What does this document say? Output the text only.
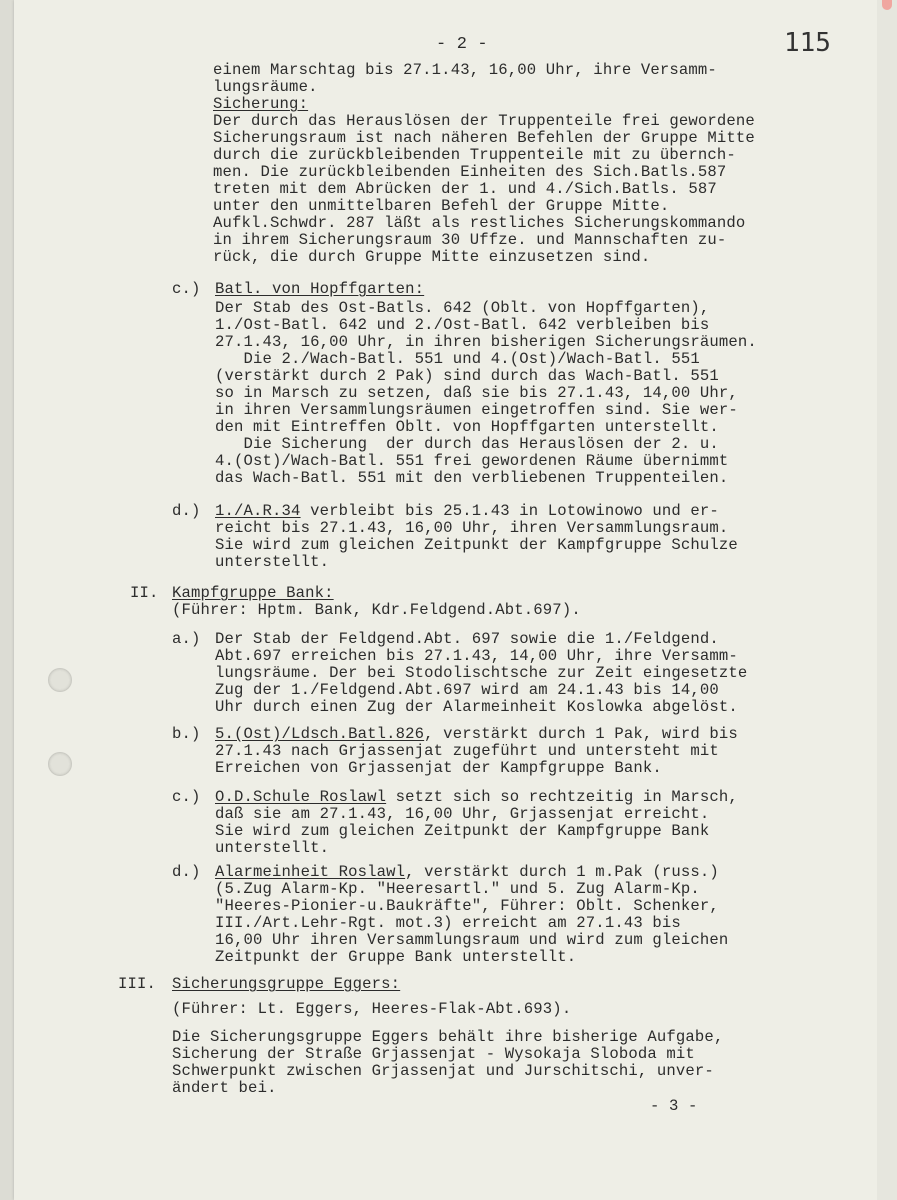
- 2 -	115
einem Marschtag bis 27.1.43, 16,00 Uhr, ihre Versamm-
lungsräume.
Sicherung:
Der durch das Herauslösen der Truppenteile frei gewordene
Sicherungsraum ist nach näheren Befehlen der Gruppe Mitte
durch die zurückbleibenden Truppenteile mit zu übernch-
men. Die zurückbleibenden Einheiten des Sich.Batls.587
treten mit dem Abrücken der 1. und 4./Sich.Batls. 587
unter den unmittelbaren Befehl der Gruppe Mitte.
Aufkl.Schwdr. 287 läßt als restliches Sicherungskommando
in ihrem Sicherungsraum 30 Uffze. und Mannschaften zu-
rück, die durch Gruppe Mitte einzusetzen sind.
c.) Batl. von Hopffgarten:
Der Stab des Ost-Batls. 642 (Oblt. von Hopffgarten),
1./Ost-Batl. 642 und 2./Ost-Batl. 642 verbleiben bis
27.1.43, 16,00 Uhr, in ihren bisherigen Sicherungsräumen.
Die 2./Wach-Batl. 551 und 4.(Ost)/Wach-Batl. 551
(verstärkt durch 2 Pak) sind durch das Wach-Batl. 551
so in Marsch zu setzen, daß sie bis 27.1.43, 14,00 Uhr,
in ihren Versammlungsräumen eingetroffen sind. Sie wer-
den mit Eintreffen Oblt. von Hopffgarten unterstellt.
Die Sicherung  der durch das Herauslösen der 2. u.
4.(Ost)/Wach-Batl. 551 frei gewordenen Räume übernimmt
das Wach-Batl. 551 mit den verbliebenen Truppenteilen.
d.) 1./A.R.34 verbleibt bis 25.1.43 in Lotowinowo und er-
reicht bis 27.1.43, 16,00 Uhr, ihren Versammlungsraum.
Sie wird zum gleichen Zeitpunkt der Kampfgruppe Schulze
unterstellt.
II. Kampfgruppe Bank:
(Führer: Hptm. Bank, Kdr.Feldgend.Abt.697).
a.) Der Stab der Feldgend.Abt. 697 sowie die 1./Feldgend.
Abt.697 erreichen bis 27.1.43, 14,00 Uhr, ihre Versamm-
lungsräume. Der bei Stodolischtsche zur Zeit eingesetzte
Zug der 1./Feldgend.Abt.697 wird am 24.1.43 bis 14,00
Uhr durch einen Zug der Alarmeinheit Koslowka abgelöst.
b.) 5.(Ost)/Ldsch.Batl.826, verstärkt durch 1 Pak, wird bis
27.1.43 nach Grjassenjat zugeführt und untersteht mit
Erreichen von Grjassenjat der Kampfgruppe Bank.
c.) O.D.Schule Roslawl setzt sich so rechtzeitig in Marsch,
daß sie am 27.1.43, 16,00 Uhr, Grjassenjat erreicht.
Sie wird zum gleichen Zeitpunkt der Kampfgruppe Bank
unterstellt.
d.) Alarmeinheit Roslawl, verstärkt durch 1 m.Pak (russ.)
(5.Zug Alarm-Kp. "Heeresartl." und 5. Zug Alarm-Kp.
"Heeres-Pionier-u.Baukräfte", Führer: Oblt. Schenker,
III./Art.Lehr-Rgt. mot.3) erreicht am 27.1.43 bis
16,00 Uhr ihren Versammlungsraum und wird zum gleichen
Zeitpunkt der Gruppe Bank unterstellt.
III. Sicherungsgruppe Eggers:
(Führer: Lt. Eggers, Heeres-Flak-Abt.693).
Die Sicherungsgruppe Eggers behält ihre bisherige Aufgabe,
Sicherung der Straße Grjassenjat - Wysokaja Sloboda mit
Schwerpunkt zwischen Grjassenjat und Jurschitschi, unver-
ändert bei.
- 3 -
